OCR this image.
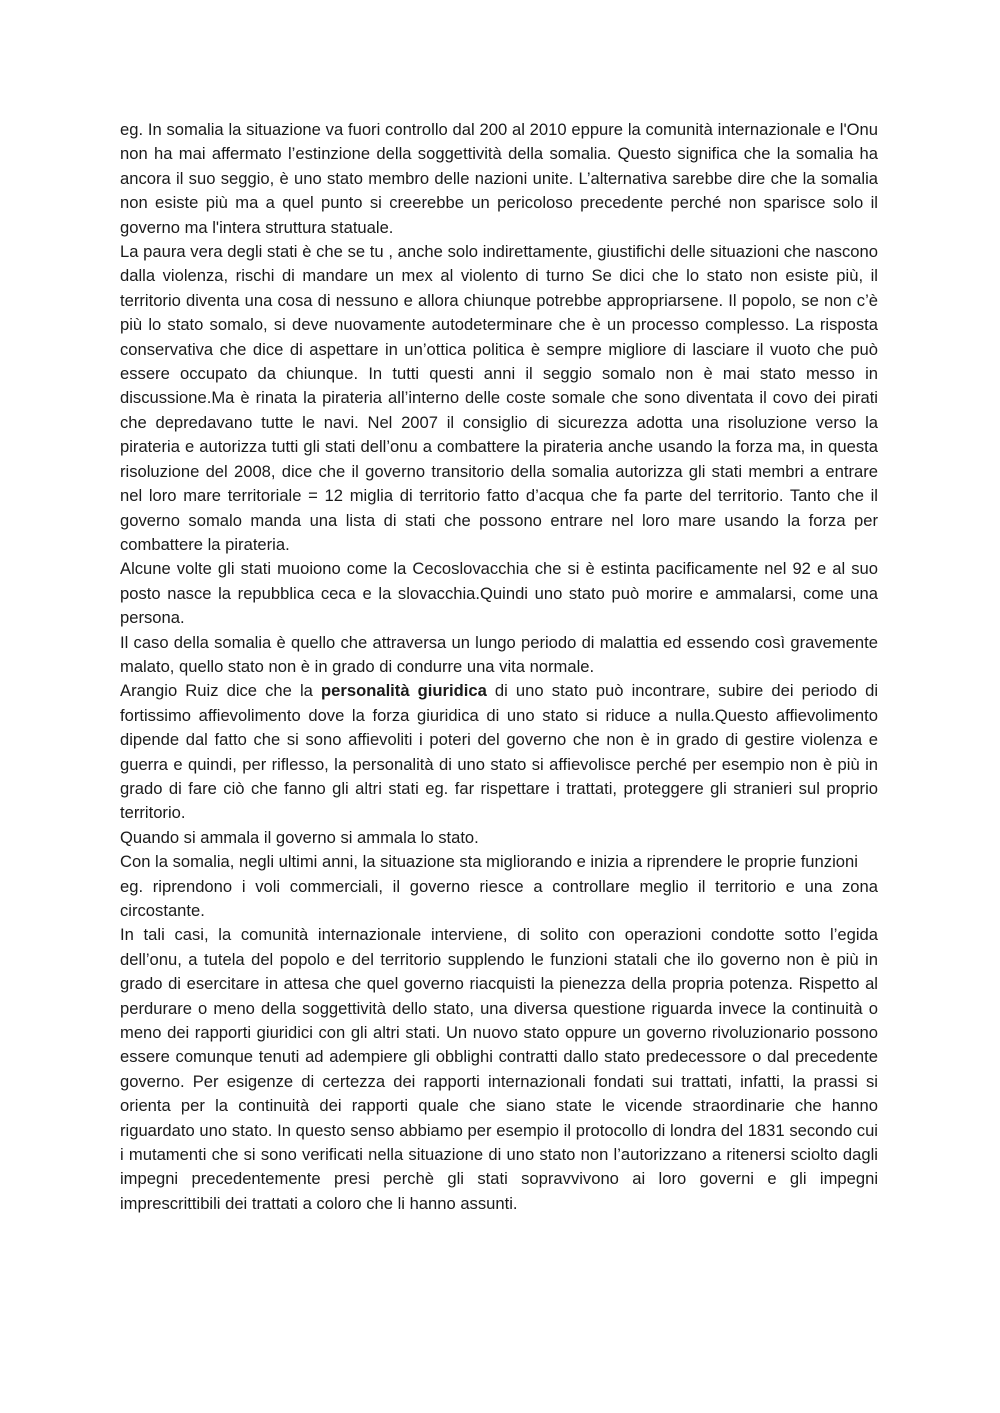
eg. In somalia la situazione va fuori controllo dal 200 al 2010 eppure la comunità internazionale e l'Onu non ha mai affermato l’estinzione della soggettività della somalia. Questo significa che la somalia ha ancora il suo seggio, è uno stato membro delle nazioni unite. L’alternativa sarebbe dire che la somalia non esiste più ma a quel punto si creerebbe un pericoloso precedente perché non sparisce solo il governo ma l'intera struttura statuale.

La paura vera degli stati è che se tu , anche solo indirettamente, giustifichi delle situazioni che nascono dalla violenza, rischi di mandare un mex al violento di turno Se dici che lo stato non esiste più, il territorio diventa una cosa di nessuno e allora chiunque potrebbe appropriarsene. Il popolo, se non c’è più lo stato somalo, si deve nuovamente autodeterminare che è un processo complesso. La risposta conservativa che dice di aspettare in un’ottica politica è sempre migliore di lasciare il vuoto che può essere occupato da chiunque. In tutti questi anni il seggio somalo non è mai stato messo in discussione.Ma è rinata la pirateria all’interno delle coste somale che sono diventata il covo dei pirati che depredavano tutte le navi. Nel 2007 il consiglio di sicurezza adotta una risoluzione verso la pirateria e autorizza tutti gli stati dell’onu a combattere la pirateria anche usando la forza ma, in questa risoluzione del 2008, dice che il governo transitorio della somalia autorizza gli stati membri a entrare nel loro mare territoriale = 12 miglia di territorio fatto d’acqua che fa parte del territorio. Tanto che il governo somalo manda una lista di stati che possono entrare nel loro mare usando la forza per combattere la pirateria.

Alcune volte gli stati muoiono come la Cecoslovacchia che si è estinta pacificamente nel 92 e al suo posto nasce la repubblica ceca e la slovacchia.Quindi uno stato può morire e ammalarsi, come una persona.

Il caso della somalia è quello che attraversa un lungo periodo di malattia ed essendo così gravemente malato, quello stato non è in grado di condurre una vita normale.

Arangio Ruiz dice che la personalità giuridica di uno stato può incontrare, subire dei periodo di fortissimo affievolimento dove la forza giuridica di uno stato si riduce a nulla.Questo affievolimento dipende dal fatto che si sono affievoliti i poteri del governo che non è in grado di gestire violenza e guerra e quindi, per riflesso, la personalità di uno stato si affievolisce perché per esempio non è più in grado di fare ciò che fanno gli altri stati eg. far rispettare i trattati, proteggere gli stranieri sul proprio territorio.

Quando si ammala il governo si ammala lo stato.

Con la somalia, negli ultimi anni, la situazione sta migliorando e inizia a riprendere le proprie funzioni

eg. riprendono i voli commerciali, il governo riesce a controllare meglio il territorio e una zona circostante.

In tali casi, la comunità internazionale interviene, di solito con operazioni condotte sotto l’egida dell’onu, a tutela del popolo e del territorio supplendo le funzioni statali che ilo governo non è più in grado di esercitare in attesa che quel governo riacquisti la pienezza della propria potenza. Rispetto al perdurare o meno della soggettività dello stato, una diversa questione riguarda invece la continuità o meno dei rapporti giuridici con gli altri stati. Un nuovo stato oppure un governo rivoluzionario possono essere comunque tenuti ad adempiere gli obblighi contratti dallo stato predecessore o dal precedente governo. Per esigenze di certezza dei rapporti internazionali fondati sui trattati, infatti, la prassi si orienta per la continuità dei rapporti quale che siano state le vicende straordinarie che hanno riguardato uno stato. In questo senso abbiamo per esempio il protocollo di londra del 1831 secondo cui i mutamenti che si sono verificati nella situazione di uno stato non l’autorizzano a ritenersi sciolto dagli impegni precedentemente presi perchè gli stati sopravvivono ai loro governi e gli impegni imprescrittibili dei trattati a coloro che li hanno assunti.
